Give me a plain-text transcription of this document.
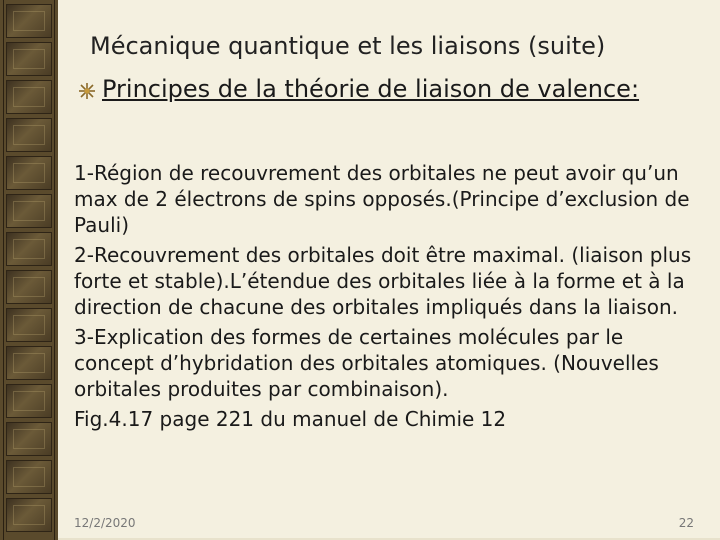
Mécanique quantique et les liaisons (suite)
Principes de la théorie de liaison de valence:

1-Région de recouvrement des orbitales ne peut avoir qu’un max de 2 électrons de spins opposés.(Principe d’exclusion de Pauli)

2-Recouvrement des orbitales doit être maximal. (liaison plus forte et stable).L’étendue des orbitales liée à la forme et à la direction de chacune des orbitales impliqués dans la liaison.

3-Explication des formes de certaines molécules par le concept d’hybridation des orbitales atomiques. (Nouvelles orbitales produites par combinaison).

Fig.4.17 page 221 du manuel de Chimie 12

12/2/2020	22
